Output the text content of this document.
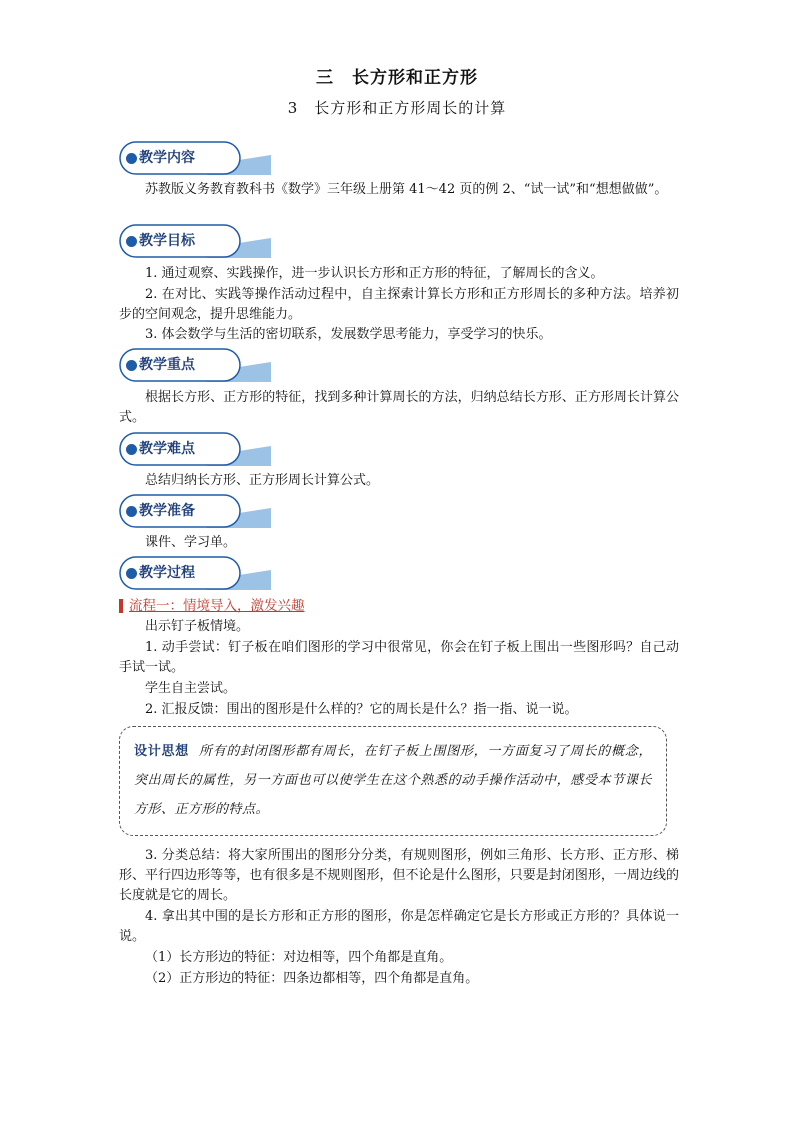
三　长方形和正方形
3　长方形和正方形周长的计算
教学内容

苏教版义务教育教科书《数学》三年级上册第 41～42 页的例 2、“试一试”和“想想做做”。

教学目标

1. 通过观察、实践操作，进一步认识长方形和正方形的特征，了解周长的含义。

2. 在对比、实践等操作活动过程中，自主探索计算长方形和正方形周长的多种方法。培养初步的空间观念，提升思维能力。

3. 体会数学与生活的密切联系，发展数学思考能力，享受学习的快乐。

教学重点

根据长方形、正方形的特征，找到多种计算周长的方法，归纳总结长方形、正方形周长计算公式。

教学难点

总结归纳长方形、正方形周长计算公式。

教学准备

课件、学习单。

教学过程
流程一：情境导入，激发兴趣

出示钉子板情境。

1. 动手尝试：钉子板在咱们图形的学习中很常见，你会在钉子板上围出一些图形吗？自己动手试一试。

学生自主尝试。

2. 汇报反馈：围出的图形是什么样的？它的周长是什么？指一指、说一说。

设计思想 所有的封闭图形都有周长，在钉子板上围图形，一方面复习了周长的概念，突出周长的属性，另一方面也可以使学生在这个熟悉的动手操作活动中，感受本节课长方形、正方形的特点。

3. 分类总结：将大家所围出的图形分分类，有规则图形，例如三角形、长方形、正方形、梯形、平行四边形等等，也有很多是不规则图形，但不论是什么图形，只要是封闭图形，一周边线的长度就是它的周长。

4. 拿出其中围的是长方形和正方形的图形，你是怎样确定它是长方形或正方形的？具体说一说。

（1）长方形边的特征：对边相等，四个角都是直角。

（2）正方形边的特征：四条边都相等，四个角都是直角。
